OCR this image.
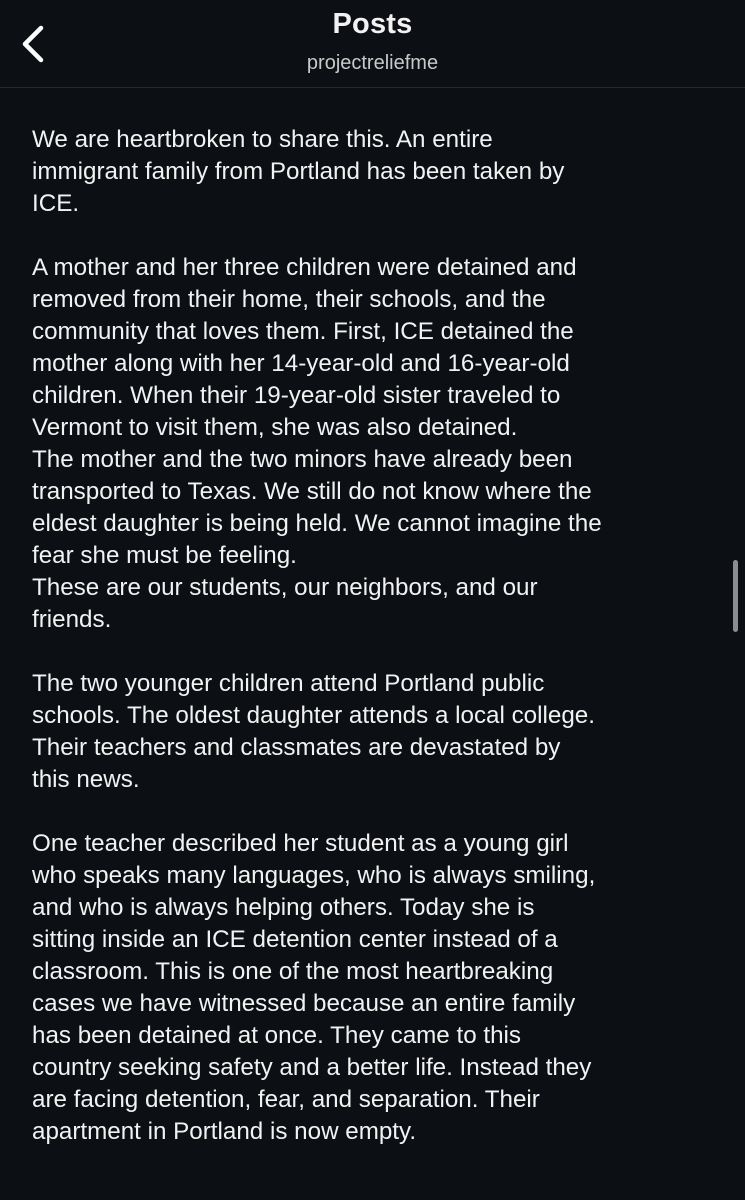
Posts
projectreliefme

We are heartbroken to share this. An entire
immigrant family from Portland has been taken by
ICE.

A mother and her three children were detained and
removed from their home, their schools, and the
community that loves them. First, ICE detained the
mother along with her 14-year-old and 16-year-old
children. When their 19-year-old sister traveled to
Vermont to visit them, she was also detained.

The mother and the two minors have already been
transported to Texas. We still do not know where the
eldest daughter is being held. We cannot imagine the
fear she must be feeling.

These are our students, our neighbors, and our
friends.

The two younger children attend Portland public
schools. The oldest daughter attends a local college.
Their teachers and classmates are devastated by
this news.

One teacher described her student as a young girl
who speaks many languages, who is always smiling,
and who is always helping others. Today she is
sitting inside an ICE detention center instead of a
classroom. This is one of the most heartbreaking
cases we have witnessed because an entire family
has been detained at once. They came to this
country seeking safety and a better life. Instead they
are facing detention, fear, and separation. Their
apartment in Portland is now empty.
